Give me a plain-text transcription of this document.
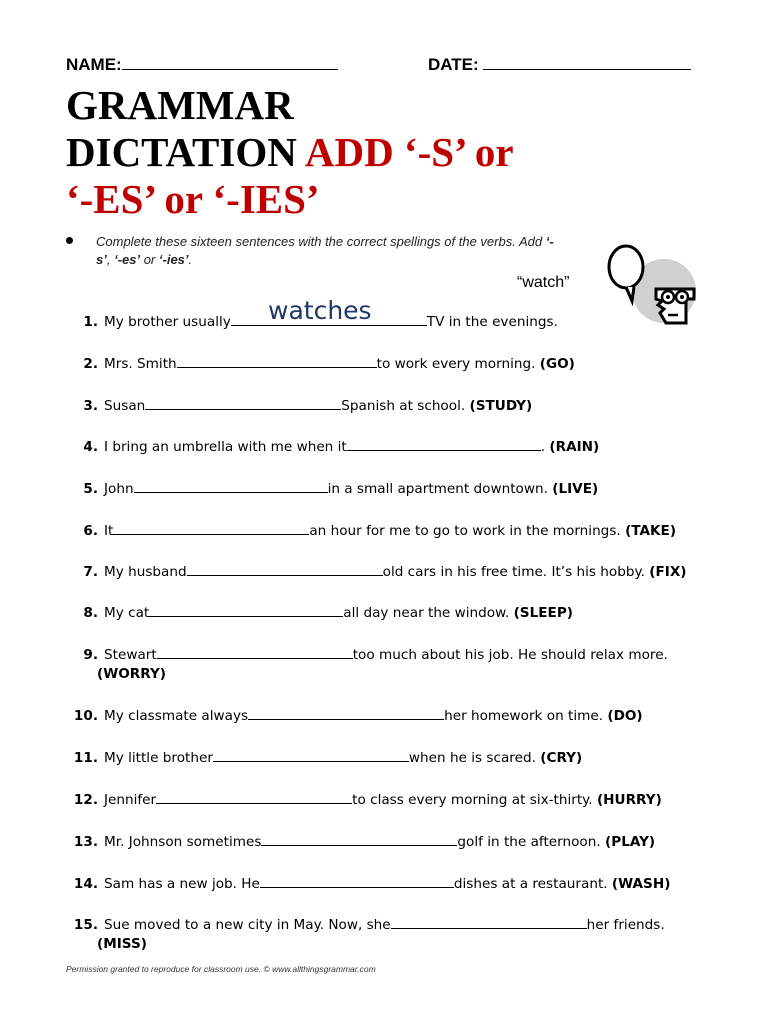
NAME:	DATE:
GRAMMAR
DICTATION ADD ‘-S’ or
‘-ES’ or ‘-IES’
Complete these sixteen sentences with the correct spellings of the verbs. Add ‘-s’, ‘-es’ or ‘-ies’.
“watch”
watches
1. My brother usually	TV in the evenings.
2. Mrs. Smith	to work every morning. (GO)
3. Susan	Spanish at school. (STUDY)
4. I bring an umbrella with me when it	. (RAIN)
5. John	in a small apartment downtown. (LIVE)
6. It	an hour for me to go to work in the mornings. (TAKE)
7. My husband	old cars in his free time. It’s his hobby. (FIX)
8. My cat	all day near the window. (SLEEP)
9. Stewart	too much about his job. He should relax more.
(WORRY)
10. My classmate always	her homework on time. (DO)
11. My little brother	when he is scared. (CRY)
12. Jennifer	to class every morning at six-thirty. (HURRY)
13. Mr. Johnson sometimes	golf in the afternoon. (PLAY)
14. Sam has a new job. He	dishes at a restaurant. (WASH)
15. Sue moved to a new city in May. Now, she	her friends.
(MISS)
Permission granted to reproduce for classroom use. © www.allthingsgrammar.com
